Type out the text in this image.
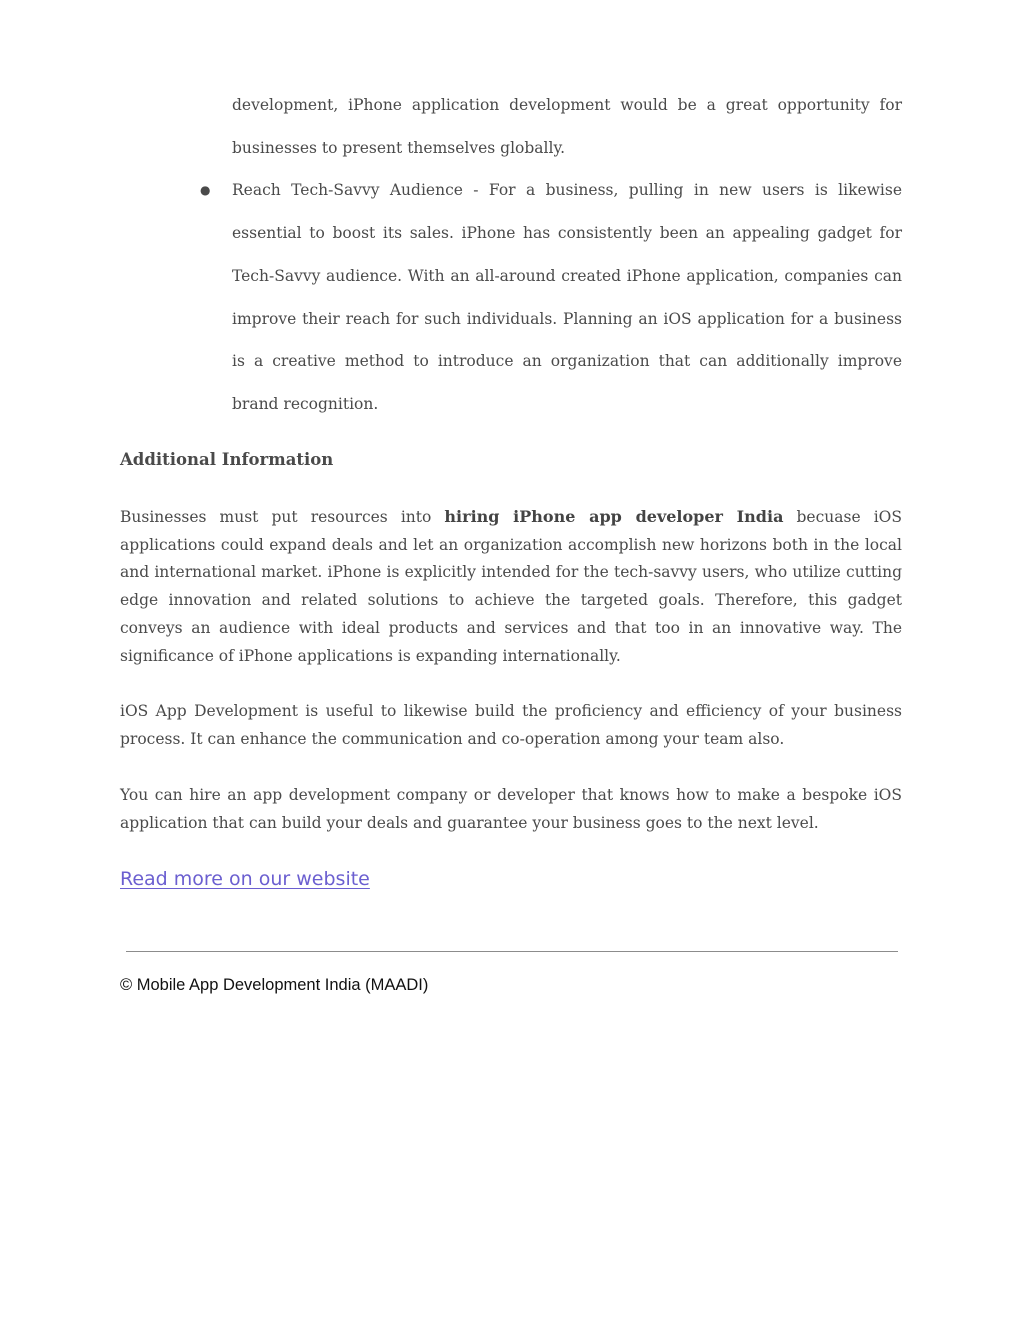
development, iPhone application development would be a great opportunity for businesses to present themselves globally.

● Reach Tech-Savvy Audience - For a business, pulling in new users is likewise essential to boost its sales. iPhone has consistently been an appealing gadget for Tech-Savvy audience. With an all-around created iPhone application, companies can improve their reach for such individuals. Planning an iOS application for a business is a creative method to introduce an organization that can additionally improve brand recognition.

Additional Information

Businesses must put resources into hiring iPhone app developer India becuase iOS applications could expand deals and let an organization accomplish new horizons both in the local and international market. iPhone is explicitly intended for the tech-savvy users, who utilize cutting edge innovation and related solutions to achieve the targeted goals. Therefore, this gadget conveys an audience with ideal products and services and that too in an innovative way. The significance of iPhone applications is expanding internationally.

iOS App Development is useful to likewise build the proficiency and efficiency of your business process. It can enhance the communication and co-operation among your team also.

You can hire an app development company or developer that knows how to make a bespoke iOS application that can build your deals and guarantee your business goes to the next level.

Read more on our website
© Mobile App Development India (MAADI)
